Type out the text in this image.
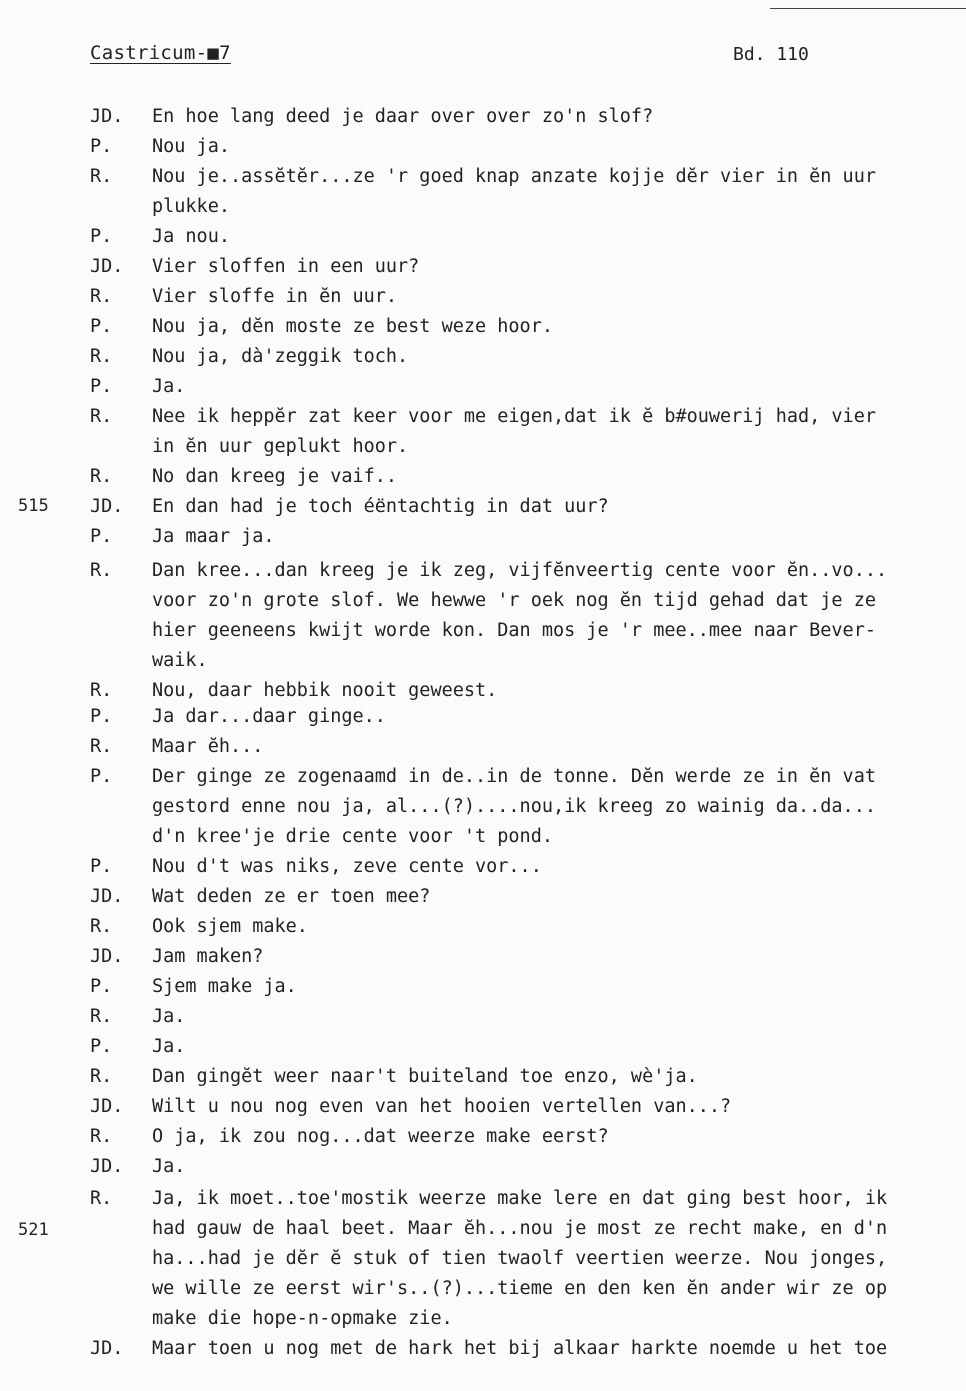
Castricum-■7	Bd. 110
515
521
JD. En hoe lang deed je daar over over zo'n slof?
P. Nou ja.
R. Nou je..assĕtĕr...ze 'r goed knap anzate kojje dĕr vier in ĕn uur
plukke.
P. Ja nou.
JD. Vier sloffen in een uur?
R. Vier sloffe in ĕn uur.
P. Nou ja, dĕn moste ze best weze hoor.
R. Nou ja, dà'zeggik toch.
P. Ja.
R. Nee ik heppĕr zat keer voor me eigen,dat ik ĕ b#ouwerij had, vier
in ĕn uur geplukt hoor.
R. No dan kreeg je vaif..
JD. En dan had je toch éёntachtig in dat uur?
P. Ja maar ja.
R. Dan kree...dan kreeg je ik zeg, vijfĕnveertig cente voor ĕn..vo...
voor zo'n grote slof. We hewwe 'r oek nog ĕn tijd gehad dat je ze
hier geeneens kwijt worde kon. Dan mos je 'r mee..mee naar Bever-
waik.
R. Nou, daar hebbik nooit geweest.
P. Ja dar...daar ginge..
R. Maar ĕh...
P. Der ginge ze zogenaamd in de..in de tonne. Dĕn werde ze in ĕn vat
gestord enne nou ja, al...(?)....nou,ik kreeg zo wainig da..da...
d'n kree'je drie cente voor 't pond.
P. Nou d't was niks, zeve cente vor...
JD. Wat deden ze er toen mee?
R. Ook sjem make.
JD. Jam maken?
P. Sjem make ja.
R. Ja.
P. Ja.
R. Dan gingĕt weer naar't buiteland toe enzo, wè'ja.
JD. Wilt u nou nog even van het hooien vertellen van...?
R. O ja, ik zou nog...dat weerze make eerst?
JD. Ja.
R. Ja, ik moet..toe'mostik weerze make lere en dat ging best hoor, ik
had gauw de haal beet. Maar ĕh...nou je most ze recht make, en d'n
ha...had je dĕr ĕ stuk of tien twaolf veertien weerze. Nou jonges,
we wille ze eerst wir's..(?)...tieme en den ken ĕn ander wir ze op
make die hope-n-opmake zie.
JD. Maar toen u nog met de hark het bij alkaar harkte noemde u het toe
